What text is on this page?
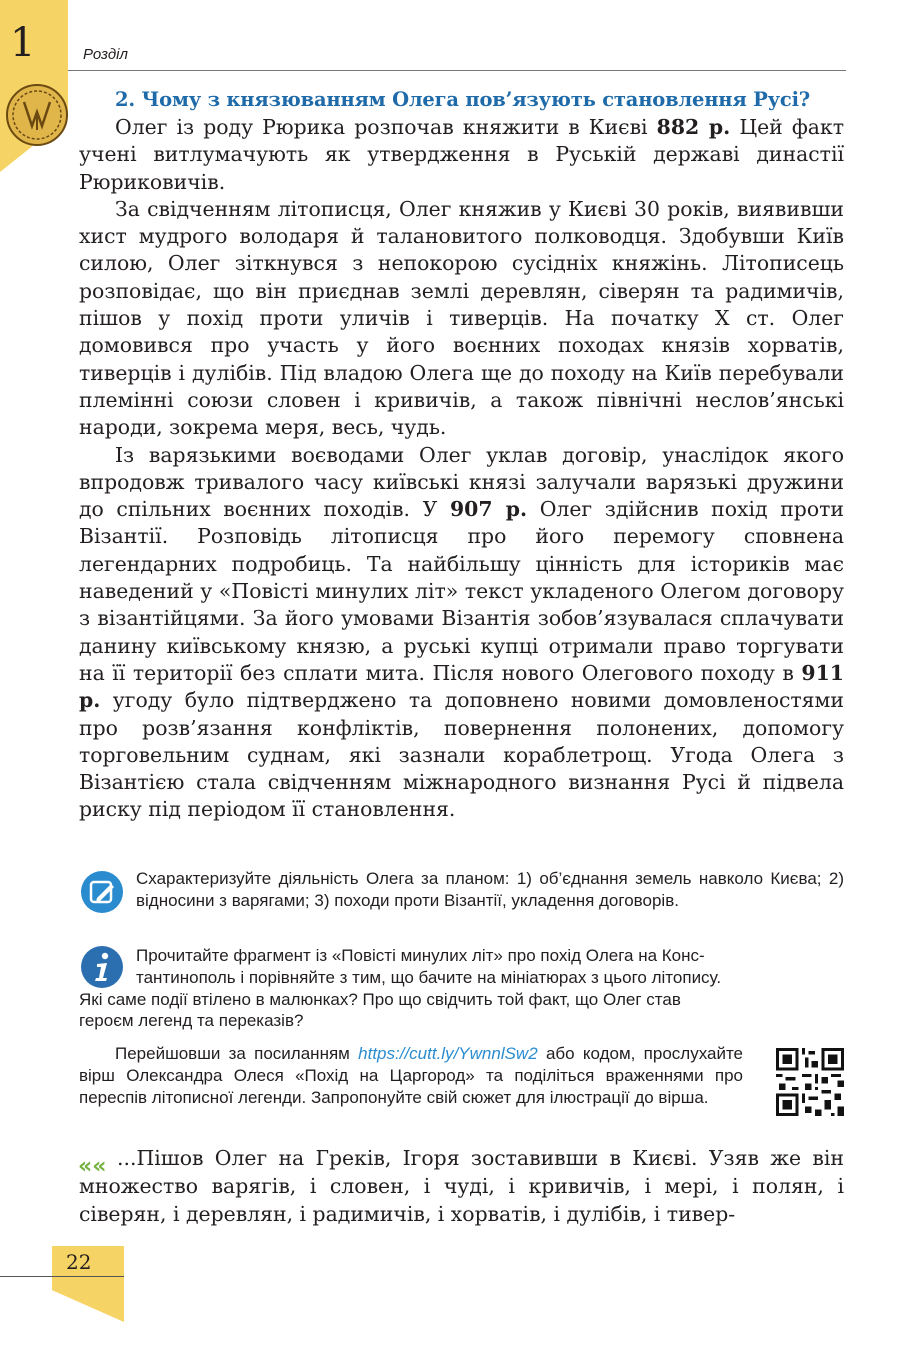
1	Розділ
2. Чому з князюванням Олега пов’язують становлення Русі?

Олег із роду Рюрика розпочав княжити в Києві 882 р. Цей факт учені витлумачують як утвердження в Руській державі династії Рюриковичів.

За свідченням літописця, Олег княжив у Києві 30 років, виявивши хист мудрого володаря й талановитого полководця. Здобувши Київ силою, Олег зіткнувся з непокорою сусідніх княжінь. Літописець розповідає, що він приєднав землі деревлян, сіверян та радимичів, пішов у похід проти уличів і тиверців. На початку X ст. Олег домовився про участь у його воєнних походах князів хорватів, тиверців і дулібів. Під владою Олега ще до походу на Київ перебували племінні союзи словен і кривичів, а також північні неслов’янські народи, зокрема меря, весь, чудь.

Із варязькими воєводами Олег уклав договір, унаслідок якого впродовж тривалого часу київські князі залучали варязькі дружини до спільних воєнних походів. У 907 р. Олег здійснив похід проти Візантії. Розповідь літописця про його перемогу сповнена легендарних подробиць. Та найбільшу цінність для істориків має наведений у «Повісті минулих літ» текст укладеного Олегом договору з візантійцями. За його умовами Візантія зобов’язувалася сплачувати данину київському князю, а руські купці отримали право торгувати на її території без сплати мита. Після нового Олегового походу в 911 р. угоду було підтверджено та доповнено новими домовленостями про розв’язання конфліктів, повернення полонених, допомогу торговельним суднам, які зазнали кораблетрощ. Угода Олега з Візантією стала свідченням міжнародного визнання Русі й підвела риску під періодом її становлення.

Схарактеризуйте діяльність Олега за планом: 1) об’єднання земель навколо Києва; 2) відносини з варягами; 3) походи проти Візантії, укладення договорів.
Прочитайте фрагмент із «Повісті минулих літ» про похід Олега на Конс-
тантинополь і порівняйте з тим, що бачите на мініатюрах з цього літопису.
Які саме події втілено в малюнках? Про що свідчить той факт, що Олег став
героєм легенд та переказів?
Перейшовши за посиланням https://cutt.ly/YwnnlSw2 або кодом, прослухайте вірш Олександра Олеся «Похід на Царгород» та поділіться враженнями про переспів літописної легенди. Запропонуйте свій сюжет для ілюстрації до вірша.
«« ...Пішов Олег на Греків, Ігоря зоставивши в Києві. Узяв же він множество варягів, і словен, і чуді, і кривичів, і мері, і полян, і сіверян, і деревлян, і радимичів, і хорватів, і дулібів, і тивер-
22
